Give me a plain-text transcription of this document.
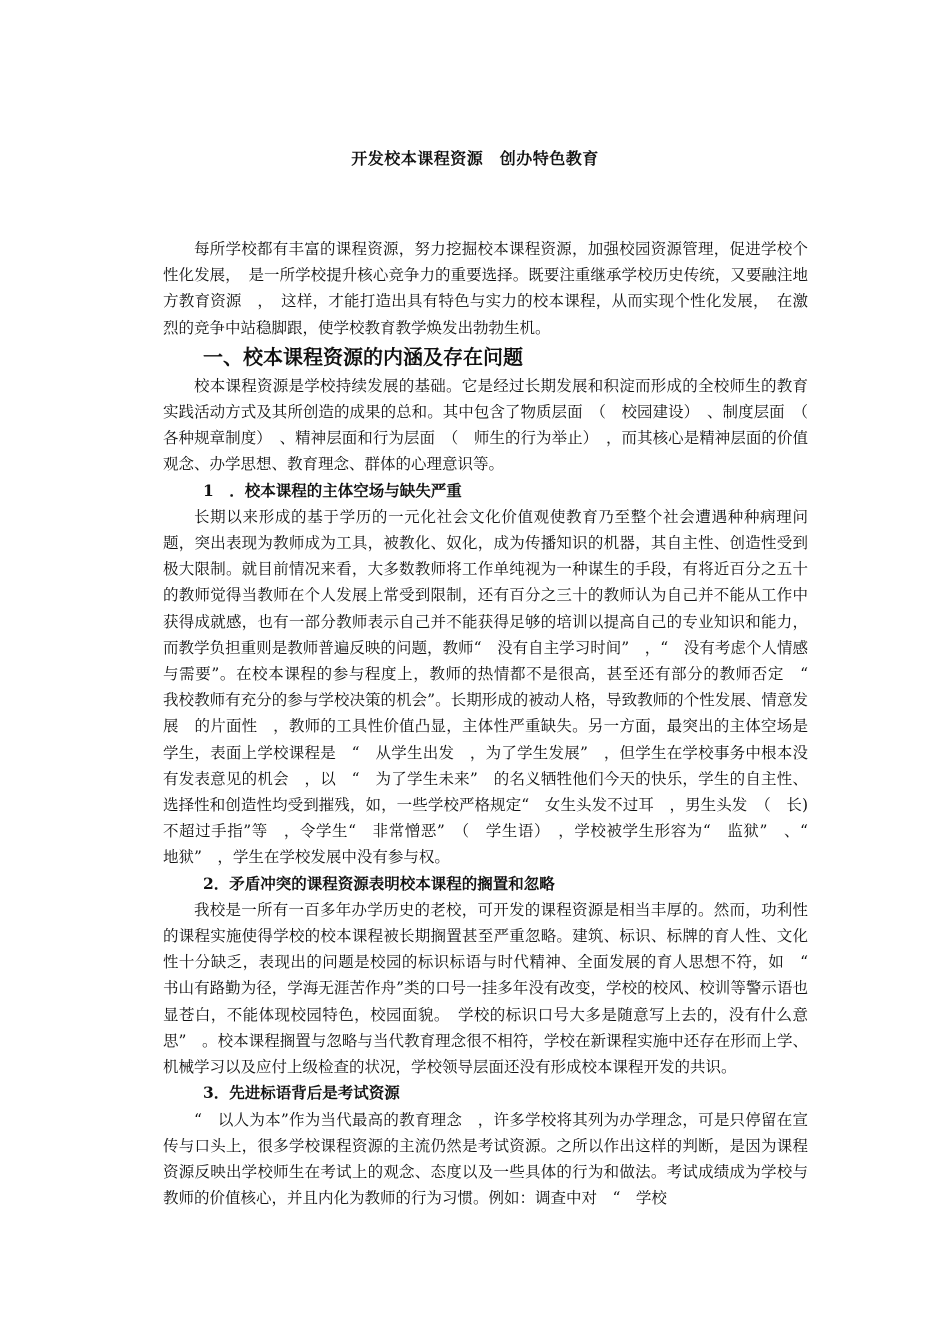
开发校本课程资源　创办特色教育

每所学校都有丰富的课程资源，努力挖掘校本课程资源，加强校园资源管理，促进学校个性化发展，　是一所学校提升核心竞争力的重要选择。既要注重继承学校历史传统，又要融注地方教育资源　，　这样，才能打造出具有特色与实力的校本课程，从而实现个性化发展，　在激烈的竞争中站稳脚跟，使学校教育教学焕发出勃勃生机。

一、校本课程资源的内涵及存在问题

校本课程资源是学校持续发展的基础。它是经过长期发展和积淀而形成的全校师生的教育实践活动方式及其所创造的成果的总和。其中包含了物质层面　（　校园建设）　、制度层面　（　各种规章制度）　、精神层面和行为层面　（　师生的行为举止）　，而其核心是精神层面的价值观念、办学思想、教育理念、群体的心理意识等。

1　．校本课程的主体空场与缺失严重

长期以来形成的基于学历的一元化社会文化价值观使教育乃至整个社会遭遇种种病理问题，突出表现为教师成为工具，被教化、奴化，成为传播知识的机器，其自主性、创造性受到极大限制。就目前情况来看，大多数教师将工作单纯视为一种谋生的手段，有将近百分之五十的教师觉得当教师在个人发展上常受到限制，还有百分之三十的教师认为自己并不能从工作中获得成就感，也有一部分教师表示自己并不能获得足够的培训以提高自己的专业知识和能力，而教学负担重则是教师普遍反映的问题，教师“　没有自主学习时间”　，“　没有考虑个人情感与需要”。在校本课程的参与程度上，教师的热情都不是很高，甚至还有部分的教师否定　“　我校教师有充分的参与学校决策的机会”。长期形成的被动人格，导致教师的个性发展、情意发展　的片面性　，教师的工具性价值凸显，主体性严重缺失。另一方面，最突出的主体空场是学生，表面上学校课程是　“　从学生出发　，为了学生发展”　，但学生在学校事务中根本没有发表意见的机会　，以　“　为了学生未来”　的名义牺牲他们今天的快乐，学生的自主性、选择性和创造性均受到摧残，如，一些学校严格规定“　女生头发不过耳　，男生头发　（　长)不超过手指”等　，令学生“　非常憎恶”　（　学生语）　，学校被学生形容为“　监狱”　、“　地狱”　，学生在学校发展中没有参与权。

2．矛盾冲突的课程资源表明校本课程的搁置和忽略

我校是一所有一百多年办学历史的老校，可开发的课程资源是相当丰厚的。然而，功利性的课程实施使得学校的校本课程被长期搁置甚至严重忽略。建筑、标识、标牌的育人性、文化性十分缺乏，表现出的问题是校园的标识标语与时代精神、全面发展的育人思想不符，如　“　书山有路勤为径，学海无涯苦作舟”类的口号一挂多年没有改变，学校的校风、校训等警示语也显苍白，不能体现校园特色，校园面貌。　学校的标识口号大多是随意写上去的，没有什么意思”　。校本课程搁置与忽略与当代教育理念很不相符，学校在新课程实施中还存在形而上学、机械学习以及应付上级检查的状况，学校领导层面还没有形成校本课程开发的共识。

3．先进标语背后是考试资源

“　以人为本”作为当代最高的教育理念　，许多学校将其列为办学理念，可是只停留在宣传与口头上，很多学校课程资源的主流仍然是考试资源。之所以作出这样的判断，是因为课程资源反映出学校师生在考试上的观念、态度以及一些具体的行为和做法。考试成绩成为学校与教师的价值核心，并且内化为教师的行为习惯。例如：调查中对　“　学校
